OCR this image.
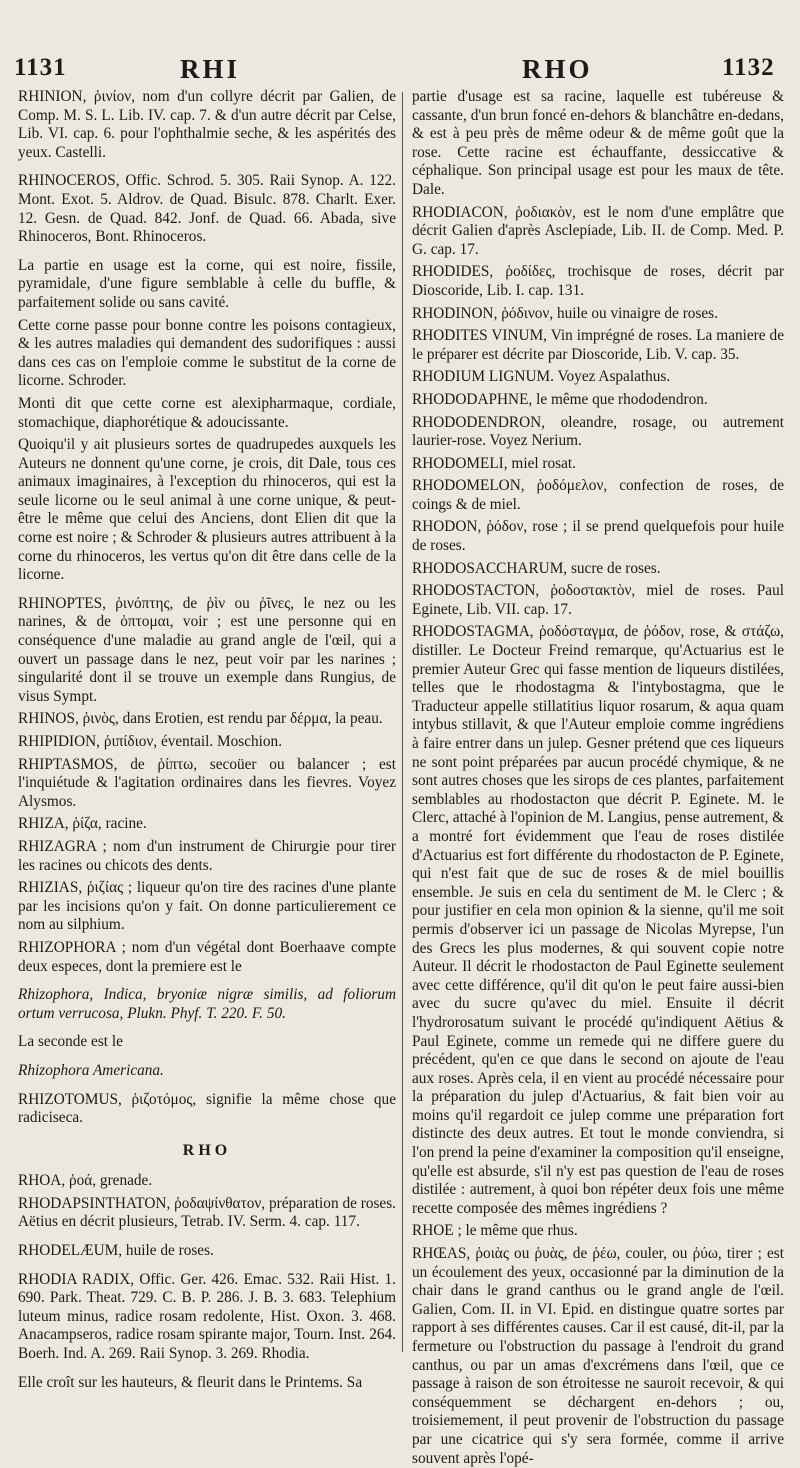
1131	RHI	RHO	1132

RHINION, ῥινίον, nom d'un collyre décrit par Galien, de Comp. M. S. L. Lib. IV. cap. 7. & d'un autre décrit par Celse, Lib. VI. cap. 6. pour l'ophthalmie seche, & les aspérités des yeux. Castelli.

RHINOCEROS, Offic. Schrod. 5. 305. Raii Synop. A. 122. Mont. Exot. 5. Aldrov. de Quad. Bisulc. 878. Charlt. Exer. 12. Gesn. de Quad. 842. Jonf. de Quad. 66. Abada, sive Rhinoceros, Bont. Rhinoceros.

La partie en usage est la corne, qui est noire, fissile, pyramidale, d'une figure semblable à celle du buffle, & parfaitement solide ou sans cavité.

Cette corne passe pour bonne contre les poisons contagieux, & les autres maladies qui demandent des sudorifiques : aussi dans ces cas on l'emploie comme le substitut de la corne de licorne. Schroder.

Monti dit que cette corne est alexipharmaque, cordiale, stomachique, diaphorétique & adoucissante.

Quoiqu'il y ait plusieurs sortes de quadrupedes auxquels les Auteurs ne donnent qu'une corne, je crois, dit Dale, tous ces animaux imaginaires, à l'exception du rhinoceros, qui est la seule licorne ou le seul animal à une corne unique, & peut-être le même que celui des Anciens, dont Elien dit que la corne est noire ; & Schroder & plusieurs autres attribuent à la corne du rhinoceros, les vertus qu'on dit être dans celle de la licorne.

RHINOPTES, ῥινόπτης, de ῥὶν ou ῥῖνες, le nez ou les narines, & de ὀπτομαι, voir ; est une personne qui en conséquence d'une maladie au grand angle de l'œil, qui a ouvert un passage dans le nez, peut voir par les narines ; singularité dont il se trouve un exemple dans Rungius, de visus Sympt.

RHINOS, ῥινὸς, dans Erotien, est rendu par δέρμα, la peau.

RHIPIDION, ῥιπίδιον, éventail. Moschion.

RHIPTASMOS, de ῥίπτω, secoüer ou balancer ; est l'inquiétude & l'agitation ordinaires dans les fievres. Voyez Alysmos.

RHIZA, ῥίζα, racine.

RHIZAGRA ; nom d'un instrument de Chirurgie pour tirer les racines ou chicots des dents.

RHIZIAS, ῥιζίας ; liqueur qu'on tire des racines d'une plante par les incisions qu'on y fait. On donne particulierement ce nom au silphium.

RHIZOPHORA ; nom d'un végétal dont Boerhaave compte deux especes, dont la premiere est le

Rhizophora, Indica, bryoniæ nigræ similis, ad foliorum ortum verrucosa, Plukn. Phyf. T. 220. F. 50.

La seconde est le

Rhizophora Americana.

RHIZOTOMUS, ῥιζοτόμος, signifie la même chose que radicisecа.

RHO

RHOA, ῥοά, grenade.

RHODAPSINTHATON, ῥοδαψίνθατον, préparation de roses. Aëtius en décrit plusieurs, Tetrab. IV. Serm. 4. cap. 117.

RHODELÆUM, huile de roses.

RHODIA RADIX, Offic. Ger. 426. Emac. 532. Raii Hist. 1. 690. Park. Theat. 729. C. B. P. 286. J. B. 3. 683. Telephium luteum minus, radice rosam redolente, Hist. Oxon. 3. 468. Anacampseros, radice rosam spirante major, Tourn. Inst. 264. Boerh. Ind. A. 269. Raii Synop. 3. 269. Rhodia.

Elle croît sur les hauteurs, & fleurit dans le Printems. Sa

partie d'usage est sa racine, laquelle est tubéreuse & cassante, d'un brun foncé en-dehors & blanchâtre en-dedans, & est à peu près de même odeur & de même goût que la rose. Cette racine est échauffante, dessiccative & céphalique. Son principal usage est pour les maux de tête. Dale.

RHODIACON, ῥοδιακὸν, est le nom d'une emplâtre que décrit Galien d'après Asclepiade, Lib. II. de Comp. Med. P. G. cap. 17.

RHODIDES, ῥοδίδες, trochisque de roses, décrit par Dioscoride, Lib. I. cap. 131.

RHODINON, ῥόδινον, huile ou vinaigre de roses.

RHODITES VINUM, Vin imprégné de roses. La maniere de le préparer est décrite par Dioscoride, Lib. V. cap. 35.

RHODIUM LIGNUM. Voyez Aspalathus.

RHODODAPHNE, le même que rhododendron.

RHODODENDRON, oleandre, rosage, ou autrement laurier-rose. Voyez Nerium.

RHODOMELI, miel rosat.

RHODOMELON, ῥοδόμελον, confection de roses, de coings & de miel.

RHODON, ῥόδον, rose ; il se prend quelquefois pour huile de roses.

RHODOSACCHARUM, sucre de roses.

RHODOSTACTON, ῥοδοστακτὸν, miel de roses. Paul Eginete, Lib. VII. cap. 17.

RHODOSTAGMA, ῥοδόσταγμα, de ῥόδον, rose, & στάζω, distiller. Le Docteur Freind remarque, qu'Actuarius est le premier Auteur Grec qui fasse mention de liqueurs distilées, telles que le rhodostagma & l'intybostagma, que le Traducteur appelle stillatitius liquor rosarum, & aqua quam intybus stillavit, & que l'Auteur emploie comme ingrédiens à faire entrer dans un julep. Gesner prétend que ces liqueurs ne sont point préparées par aucun procédé chymique, & ne sont autres choses que les sirops de ces plantes, parfaitement semblables au rhodostacton que décrit P. Eginete. M. le Clerc, attaché à l'opinion de M. Langius, pense autrement, & a montré fort évidemment que l'eau de roses distilée d'Actuarius est fort différente du rhodostacton de P. Eginete, qui n'est fait que de suc de roses & de miel bouillis ensemble. Je suis en cela du sentiment de M. le Clerc ; & pour justifier en cela mon opinion & la sienne, qu'il me soit permis d'observer ici un passage de Nicolas Myrepse, l'un des Grecs les plus modernes, & qui souvent copie notre Auteur. Il décrit le rhodostacton de Paul Eginette seulement avec cette différence, qu'il dit qu'on le peut faire aussi-bien avec du sucre qu'avec du miel. Ensuite il décrit l'hydrorosatum suivant le procédé qu'indiquent Aëtius & Paul Eginete, comme un remede qui ne differe guere du précédent, qu'en ce que dans le second on ajoute de l'eau aux roses. Après cela, il en vient au procédé nécessaire pour la préparation du julep d'Actuarius, & fait bien voir au moins qu'il regardoit ce julep comme une préparation fort distincte des deux autres. Et tout le monde conviendra, si l'on prend la peine d'examiner la composition qu'il enseigne, qu'elle est absurde, s'il n'y est pas question de l'eau de roses distilée : autrement, à quoi bon répéter deux fois une même recette composée des mêmes ingrédiens ?

RHOE ; le même que rhus.

RHŒAS, ῥοιὰς ou ῥυὰς, de ῥέω, couler, ou ῥύω, tirer ; est un écoulement des yeux, occasionné par la diminution de la chair dans le grand canthus ou le grand angle de l'œil. Galien, Com. II. in VI. Epid. en distingue quatre sortes par rapport à ses différentes causes. Car il est causé, dit-il, par la fermeture ou l'obstruction du passage à l'endroit du grand canthus, ou par un amas d'excrémens dans l'œil, que ce passage à raison de son étroitesse ne sauroit recevoir, & qui conséquemment se déchargent en-dehors ; ou, troisiemement, il peut provenir de l'obstruction du passage par une cicatrice qui s'y sera formée, comme il arrive souvent après l'opé-
